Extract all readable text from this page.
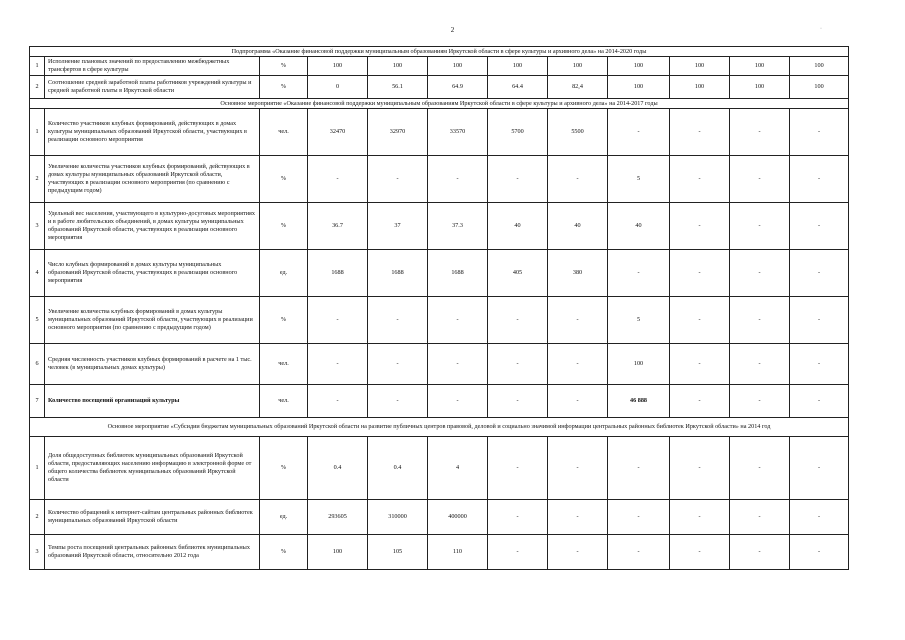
2	·
Подпрограмма «Оказание финансовой поддержки муниципальным образованиям Иркутской области в сфере культуры и архивного дела» на 2014-2020 годы											
1	Исполнение плановых значений по предоставлению межбюджетных трансфертов в сфере культуры	%	100	100	100	100	100	100	100	100	100
2	Соотношение средней заработной платы работников учреждений культуры и средней заработной платы в Иркутской области	%	0	56.1	64.9	64.4	82,4	100	100	100	100
Основное мероприятие «Оказание финансовой поддержки муниципальным образованиям Иркутской области в сфере культуры и архивного дела» на 2014-2017 годы											
1	Количество участников клубных формирований, действующих в домах культуры муниципальных образований Иркутской области, участвующих в реализации основного мероприятия	чел.	32470	32970	33570	5700	5500	-	-	-	-
2	Увеличение количества участников клубных формирований, действующих в домах культуры муниципальных образований Иркутской области, участвующих в реализации основного мероприятия (по сравнению с предыдущим годом)	%	-	-	-	-	-	5	-	-	-
3	Удельный вес населения, участвующего в культурно-досуговых мероприятиях и в работе любительских объединений, в домах культуры муниципальных образований Иркутской области, участвующих в реализации основного мероприятия	%	36.7	37	37.3	40	40	40	-	-	-
4	Число клубных формирований в домах культуры муниципальных образований Иркутской области, участвующих в реализации основного мероприятия	ед.	1688	1688	1688	405	380	-	-	-	-
5	Увеличение количества клубных формирований в домах культуры муниципальных образований Иркутской области, участвующих в реализации основного мероприятия (по сравнению с предыдущим годом)	%	-	-	-	-	-	5	-	-	-
6	Средняя численность участников клубных формирований в расчете на 1 тыс. человек (в муниципальных домах культуры)	чел.	-	-	-	-	-	100	-	-	-
7	Количество посещений организаций культуры	чел.	-	-	-	-	-	46 888	-	-	-
Основное мероприятие «Субсидии бюджетам муниципальных образований Иркутской области на развитие публичных центров правовой, деловой и социально значимой информации центральных районных библиотек Иркутской области» на 2014 год											
1	Доля общедоступных библиотек муниципальных образований Иркутской области, предоставляющих населению информацию в электронной форме от общего количества библиотек муниципальных образований Иркутской области	%	0.4	0.4	4	-	-	-	-	-	-
2	Количество обращений к интернет-сайтам центральных районных библиотек муниципальных образований Иркутской области	ед.	293605	310000	400000	-	-	-	-	-	-
3	Темпы роста посещений центральных районных библиотек муниципальных образований Иркутской области, относительно 2012 года	%	100	105	110	-	-	-	-	-	-
